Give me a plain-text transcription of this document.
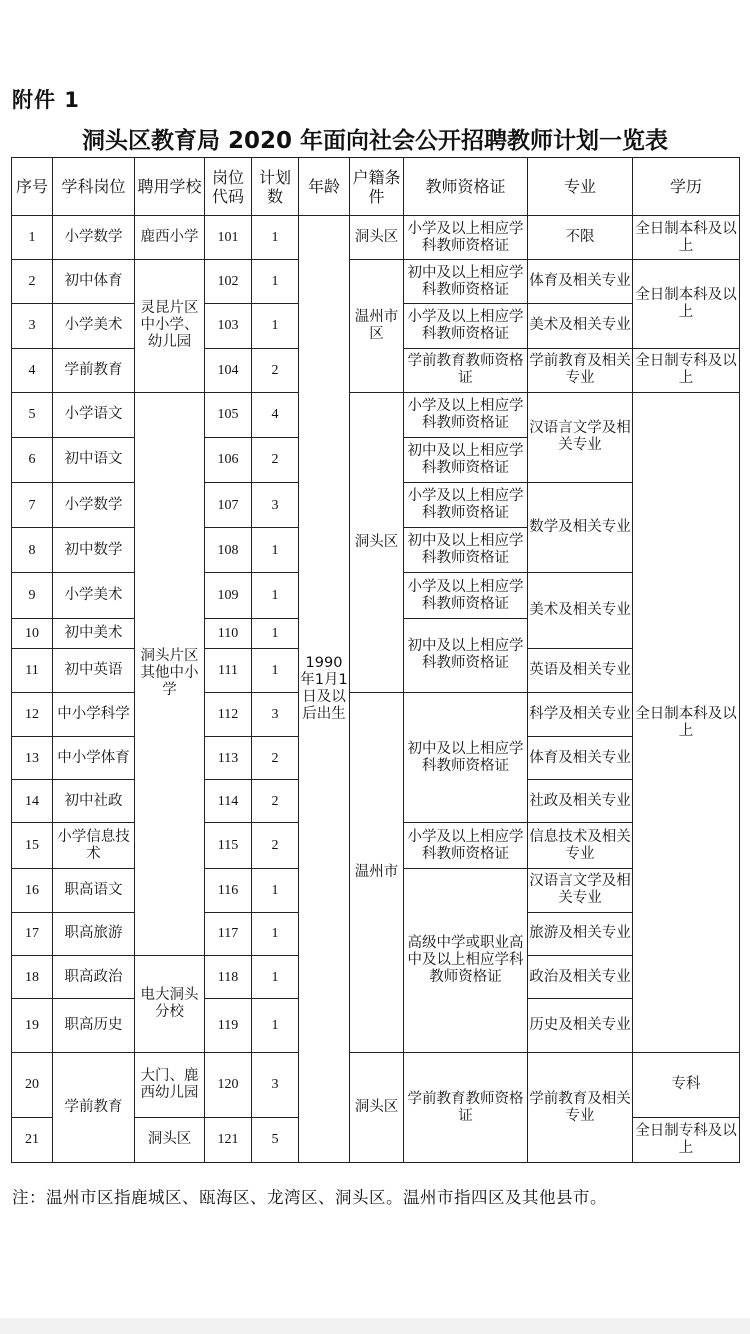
附件 1
洞头区教育局 2020 年面向社会公开招聘教师计划一览表
序号	学科岗位	聘用学校	岗位代码	计划数	年龄	户籍条件	教师资格证	专业	学历
1	小学数学	鹿西小学	101	1	1990年1月1日及以后出生	洞头区	小学及以上相应学科教师资格证	不限	全日制本科及以上
2	初中体育	灵昆片区中小学、幼儿园	102	1		温州市区	初中及以上相应学科教师资格证	体育及相关专业	全日制本科及以上
3	小学美术		103	1			小学及以上相应学科教师资格证	美术及相关专业	
4	学前教育		104	2			学前教育教师资格证	学前教育及相关专业	全日制专科及以上
5	小学语文	洞头片区其他中小学	105	4		洞头区	小学及以上相应学科教师资格证	汉语言文学及相关专业	全日制本科及以上
6	初中语文		106	2			初中及以上相应学科教师资格证		
7	小学数学		107	3			小学及以上相应学科教师资格证	数学及相关专业	
8	初中数学		108	1			初中及以上相应学科教师资格证		
9	小学美术		109	1			小学及以上相应学科教师资格证	美术及相关专业	
10	初中美术		110	1			初中及以上相应学科教师资格证		
11	初中英语		111	1				英语及相关专业	
12	中小学科学		112	3		温州市	初中及以上相应学科教师资格证	科学及相关专业	
13	中小学体育		113	2				体育及相关专业	
14	初中社政		114	2				社政及相关专业	
15	小学信息技术		115	2			小学及以上相应学科教师资格证	信息技术及相关专业	
16	职高语文		116	1			高级中学或职业高中及以上相应学科教师资格证	汉语言文学及相关专业	
17	职高旅游		117	1				旅游及相关专业	
18	职高政治	电大洞头分校	118	1				政治及相关专业	
19	职高历史		119	1				历史及相关专业	
20	学前教育	大门、鹿西幼儿园	120	3		洞头区	学前教育教师资格证	学前教育及相关专业	专科
21		洞头区	121	5					全日制专科及以上
注：温州市区指鹿城区、瓯海区、龙湾区、洞头区。温州市指四区及其他县市。
